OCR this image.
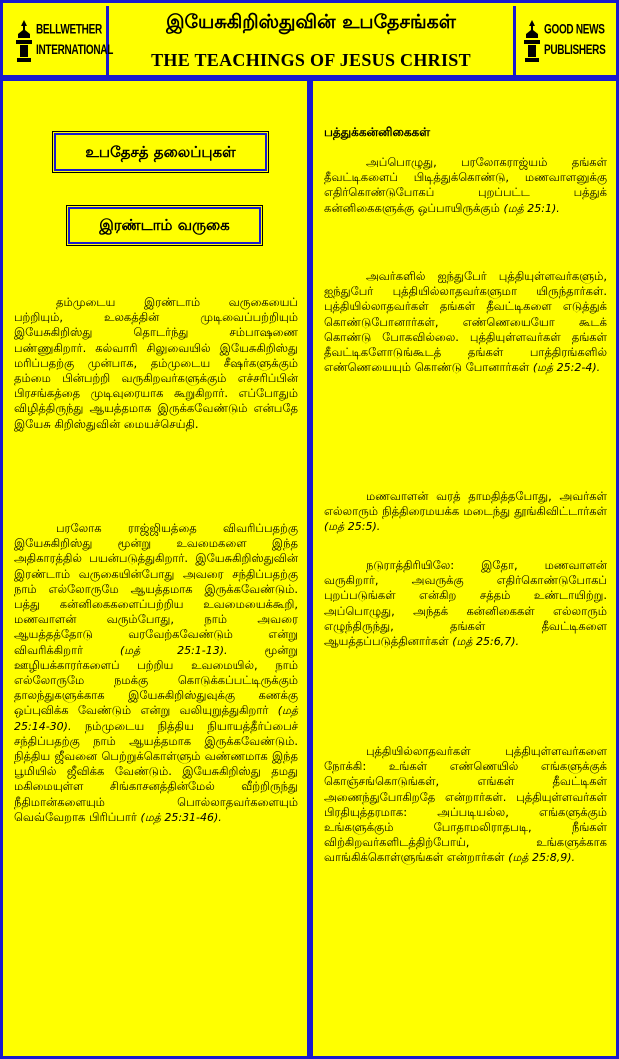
BELLWETHER
INTERNATIONAL
இயேசுகிறிஸ்துவின் உபதேசங்கள்
THE TEACHINGS OF JESUS CHRIST
GOOD NEWS
PUBLISHERS
உபதேசத் தலைப்புகள்
இரண்டாம் வருகை

தம்முடைய இரண்டாம் வருகையைப் பற்றியும், உலகத்தின் முடிவைப்பற்றியும் இயேசுகிறிஸ்து தொடர்ந்து சம்பாஷணை பண்ணுகிறார். கல்வாரி சிலுவையில் இயேசுகிறிஸ்து மரிப்பதற்கு முன்பாக, தம்முடைய சீஷர்களுக்கும் தம்மை பின்பற்றி வருகிறவர்களுக்கும் எச்சரிப்பின் பிரசங்கத்தை முடிவுரையாக கூறுகிறார். எப்போதும் விழித்திருந்து ஆயத்தமாக இருக்கவேண்டும் என்பதே இயேசு கிறிஸ்துவின் மையச்செய்தி.

பரலோக ராஜ்ஜியத்தை விவரிப்பதற்கு இயேசுகிறிஸ்து மூன்று உவமைகளை இந்த அதிகாரத்தில் பயன்படுத்துகிறார். இயேசுகிறிஸ்துவின் இரண்டாம் வருகையின்போது அவரை சந்திப்பதற்கு நாம் எல்லோருமே ஆயத்தமாக இருக்கவேண்டும். பத்து கன்னிகைகளைப்பற்றிய உவமையைக்கூறி, மணவாளன் வரும்போது, நாம் அவரை ஆயத்தத்தோடு வரவேற்கவேண்டும் என்று விவரிக்கிறார்	(மத் 25:1-13). மூன்று ஊழியக்காரர்களைப் பற்றிய உவமையில், நாம் எல்லோருமே நமக்கு கொடுக்கப்பட்டிருக்கும் தாலந்துகளுக்காக இயேசுகிறிஸ்துவுக்கு கணக்கு ஒப்புவிக்க வேண்டும் என்று வலியுறுத்துகிறார் (மத் 25:14-30). நம்முடைய நித்திய நியாயத்தீர்ப்பைச் சந்திப்பதற்கு நாம் ஆயத்தமாக இருக்கவேண்டும். நித்திய ஜீவனை பெற்றுக்கொள்ளும் வண்ணமாக இந்த பூமியில் ஜீவிக்க வேண்டும். இயேசுகிறிஸ்து தமது மகிமையுள்ள சிங்காசனத்தின்மேல் வீற்றிருந்து நீதிமான்களையும் பொல்லாதவர்களையும் வெவ்வேறாக பிரிப்பார் (மத் 25:31-46).

பத்துக்கன்னிகைகள்

அப்பொழுது, பரலோகராஜ்யம் தங்கள் தீவட்டிகளைப் பிடித்துக்கொண்டு, மணவாளனுக்கு எதிர்கொண்டுபோகப் புறப்பட்ட பத்துக் கன்னிகைகளுக்கு ஒப்பாயிருக்கும் (மத் 25:1).

அவர்களில் ஐந்துபேர் புத்தியுள்ளவர்களும், ஐந்துபேர் புத்தியில்லாதவர்களுமா யிருந்தார்கள். புத்தியில்லாதவர்கள் தங்கள் தீவட்டிகளை எடுத்துக் கொண்டுபோனார்கள், எண்ணெயையோ கூடக் கொண்டு போகவில்லை. புத்தியுள்ளவர்கள் தங்கள் தீவட்டிகளோடுங்கூடத் தங்கள் பாத்திரங்களில் எண்ணெயையும் கொண்டு போனார்கள் (மத் 25:2-4).

மணவாளன் வரத் தாமதித்தபோது, அவர்கள் எல்லாரும் நித்திரைமயக்க மடைந்து தூங்கிவிட்டார்கள் (மத் 25:5).

நடுராத்திரியிலே: இதோ, மணவாளன் வருகிறார், அவருக்கு எதிர்கொண்டுபோகப் புறப்படுங்கள் என்கிற சத்தம் உண்டாயிற்று. அப்பொழுது, அந்தக் கன்னிகைகள் எல்லாரும் எழுந்திருந்து, தங்கள் தீவட்டிகளை ஆயத்தப்படுத்தினார்கள் (மத் 25:6,7).

புத்தியில்லாதவர்கள் புத்தியுள்ளவர்களை நோக்கி: உங்கள் எண்ணெயில் எங்களுக்குக் கொஞ்சங்கொடுங்கள், எங்கள் தீவட்டிகள் அணைந்துபோகிறதே என்றார்கள். புத்தியுள்ளவர்கள் பிரதியுத்தரமாக: அப்படியல்ல, எங்களுக்கும் உங்களுக்கும் போதாமலிராதபடி, நீங்கள் விற்கிறவர்களிடத்திற்போய், உங்களுக்காக வாங்கிக்கொள்ளுங்கள் என்றார்கள் (மத் 25:8,9).
